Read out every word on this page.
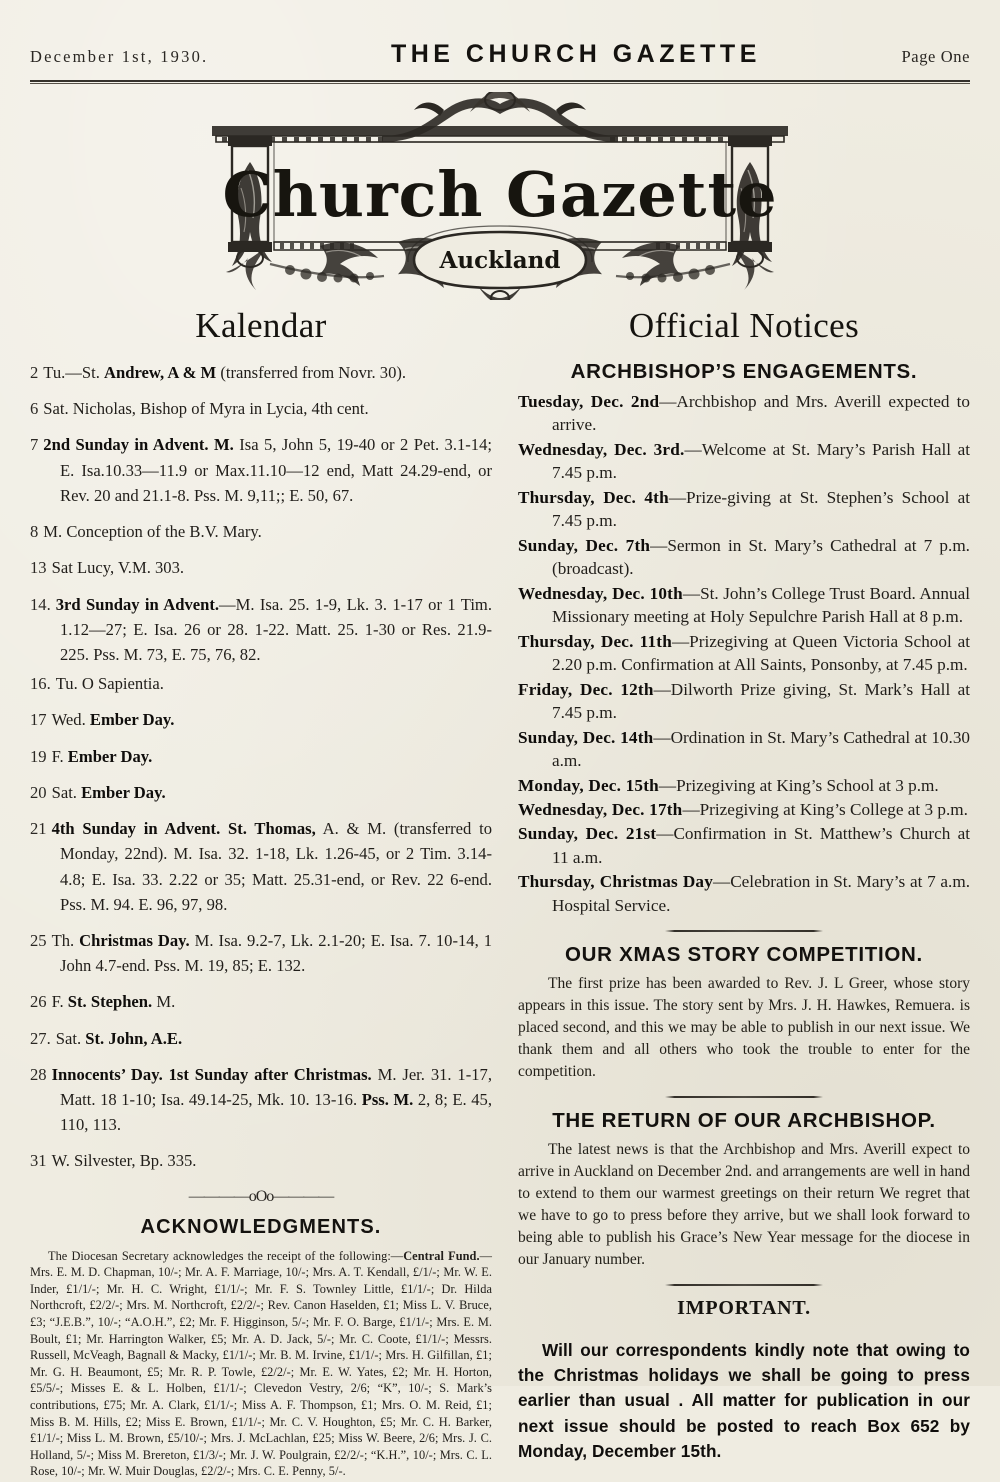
December 1st, 1930.	THE CHURCH GAZETTE	Page One
Church Gazette
Auckland
Kalendar
2 Tu.—St. Andrew, A & M (transferred from Novr. 30).
6 Sat. Nicholas, Bishop of Myra in Lycia, 4th cent.
7 2nd Sunday in Advent. M. Isa 5, John 5, 19-40 or 2 Pet. 3.1-14; E. Isa.10.33—11.9 or Max.11.10—12 end, Matt 24.29-end, or Rev. 20 and 21.1-8. Pss. M. 9,11;; E. 50, 67.
8 M. Conception of the B.V. Mary.
13 Sat Lucy, V.M. 303.
14. 3rd Sunday in Advent.—M. Isa. 25. 1-9, Lk. 3. 1-17 or 1 Tim. 1.12—27; E. Isa. 26 or 28. 1-22. Matt. 25. 1-30 or Res. 21.9-225. Pss. M. 73, E. 75, 76, 82.
16. Tu. O Sapientia.
17 Wed. Ember Day.
19 F. Ember Day.
20 Sat. Ember Day.
21 4th Sunday in Advent. St. Thomas, A. & M. (transferred to Monday, 22nd). M. Isa. 32. 1-18, Lk. 1.26-45, or 2 Tim. 3.14-4.8; E. Isa. 33. 2.22 or 35; Matt. 25.31-end, or Rev. 22 6-end. Pss. M. 94. E. 96, 97, 98.
25 Th. Christmas Day. M. Isa. 9.2-7, Lk. 2.1-20; E. Isa. 7. 10-14, 1 John 4.7-end. Pss. M. 19, 85; E. 132.
26 F. St. Stephen. M.
27. Sat. St. John, A.E.
28 Innocents’ Day. 1st Sunday after Christmas. M. Jer. 31. 1-17, Matt. 18 1-10; Isa. 49.14-25, Mk. 10. 13-16. Pss. M. 2, 8; E. 45, 110, 113.
31 W. Silvester, Bp. 335.
————oOo————
ACKNOWLEDGMENTS.
The Diocesan Secretary acknowledges the receipt of the following:—Central Fund.—Mrs. E. M. D. Chapman, 10/-; Mr. A. F. Marriage, 10/-; Mrs. A. T. Kendall, £/1/-; Mr. W. E. Inder, £1/1/-; Mr. H. C. Wright, £1/1/-; Mr. F. S. Townley Little, £1/1/-; Dr. Hilda Northcroft, £2/2/-; Mrs. M. Northcroft, £2/2/-; Rev. Canon Haselden, £1; Miss L. V. Bruce, £3; “J.E.B.”, 10/-; “A.O.H.”, £2; Mr. F. Higginson, 5/-; Mr. F. O. Barge, £1/1/-; Mrs. E. M. Boult, £1; Mr. Harrington Walker, £5; Mr. A. D. Jack, 5/-; Mr. C. Coote, £1/1/-; Messrs. Russell, McVeagh, Bagnall & Macky, £1/1/-; Mr. B. M. Irvine, £1/1/-; Mrs. H. Gilfillan, £1; Mr. G. H. Beaumont, £5; Mr. R. P. Towle, £2/2/-; Mr. E. W. Yates, £2; Mr. H. Horton, £5/5/-; Misses E. & L. Holben, £1/1/-; Clevedon Vestry, 2/6; “K”, 10/-; S. Mark’s contributions, £75; Mr. A. Clark, £1/1/-; Miss A. F. Thompson, £1; Mrs. O. M. Reid, £1; Miss B. M. Hills, £2; Miss E. Brown, £1/1/-; Mr. C. V. Houghton, £5; Mr. C. H. Barker, £1/1/-; Miss L. M. Brown, £5/10/-; Mrs. J. McLachlan, £25; Miss W. Beere, 2/6; Mrs. J. C. Holland, 5/-; Miss M. Brereton, £1/3/-; Mr. J. W. Poulgrain, £2/2/-; “K.H.”, 10/-; Mrs. C. L. Rose, 10/-; Mr. W. Muir Douglas, £2/2/-; Mrs. C. E. Penny, 5/-.
Official Notices
ARCHBISHOP’S ENGAGEMENTS.
Tuesday, Dec. 2nd—Archbishop and Mrs. Averill expected to arrive.
Wednesday, Dec. 3rd.—Welcome at St. Mary’s Parish Hall at 7.45 p.m.
Thursday, Dec. 4th—Prize-giving at St. Stephen’s School at 7.45 p.m.
Sunday, Dec. 7th—Sermon in St. Mary’s Cathedral at 7 p.m. (broadcast).
Wednesday, Dec. 10th—St. John’s College Trust Board. Annual Missionary meeting at Holy Sepulchre Parish Hall at 8 p.m.
Thursday, Dec. 11th—Prizegiving at Queen Victoria School at 2.20 p.m. Confirmation at All Saints, Ponsonby, at 7.45 p.m.
Friday, Dec. 12th—Dilworth Prize giving, St. Mark’s Hall at 7.45 p.m.
Sunday, Dec. 14th—Ordination in St. Mary’s Cathedral at 10.30 a.m.
Monday, Dec. 15th—Prizegiving at King’s School at 3 p.m.
Wednesday, Dec. 17th—Prizegiving at King’s College at 3 p.m.
Sunday, Dec. 21st—Confirmation in St. Matthew’s Church at 11 a.m.
Thursday, Christmas Day—Celebration in St. Mary’s at 7 a.m. Hospital Service.
OUR XMAS STORY COMPETITION.

The first prize has been awarded to Rev. J. L Greer, whose story appears in this issue. The story sent by Mrs. J. H. Hawkes, Remuera. is placed second, and this we may be able to publish in our next issue. We thank them and all others who took the trouble to enter for the competition.

THE RETURN OF OUR ARCHBISHOP.

The latest news is that the Archbishop and Mrs. Averill expect to arrive in Auckland on December 2nd. and arrangements are well in hand to extend to them our warmest greetings on their return We regret that we have to go to press before they arrive, but we shall look forward to being able to publish his Grace’s New Year message for the diocese in our January number.

IMPORTANT.

Will our correspondents kindly note that owing to the Christmas holidays we shall be going to press earlier than usual . All matter for publication in our next issue should be posted to reach Box 652 by Monday, December 15th.
